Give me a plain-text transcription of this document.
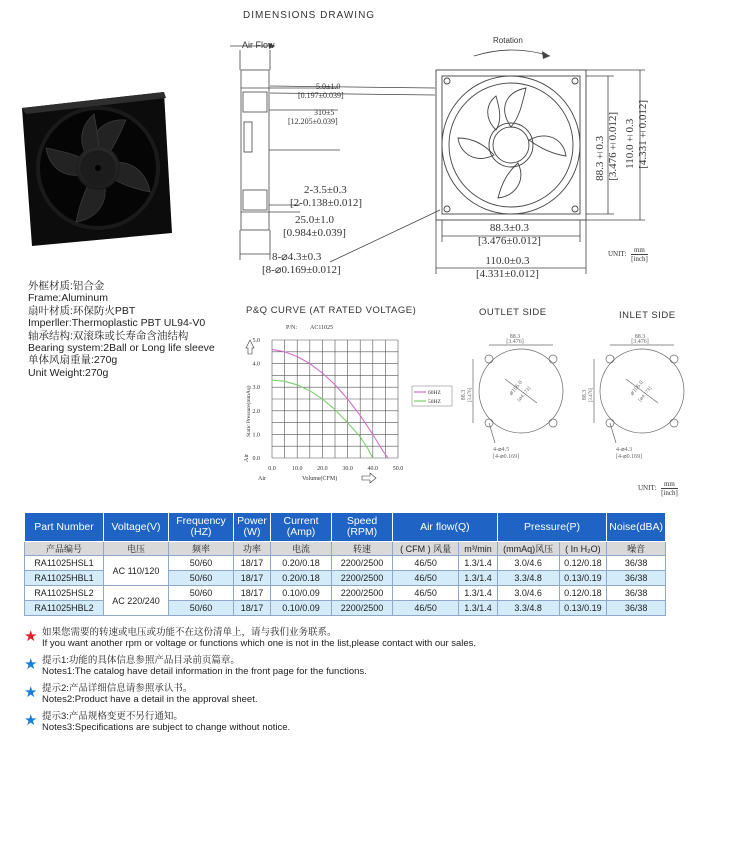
DIMENSIONS DRAWING
Air Flow	Rotation
5.0±1.0
[0.197±0.039]
310±5
[12.205±0.039]
2-3.5±0.3
[2-0.138±0.012]
25.0±1.0
[0.984±0.039]
8-⌀4.3±0.3
[8-⌀0.169±0.012]
88.3±0.3
[3.476±0.012]
110.0±0.3
[4.331±0.012]
88.3±0.3 [3.476±0.012] 110.0±0.3 [4.331±0.012]
UNIT:
mm
[inch]
外框材质:铝合金
Frame:Aluminum
扇叶材质:环保防火PBT
Imperller:Thermoplastic PBT UL94-V0
轴承结构:双滚珠或长寿命含油结构
Bearing system:2Ball or Long life sleeve
单体风扇重量:270g
Unit Weight:270g
P&Q CURVE (AT RATED VOLTAGE)
0.0
1.0
2.0
3.0
4.0
5.0
0.0	10.0 20.0 30.0 40.0 50.0
P/N: AC11025
Volume(CFM)
Air
Static Pressure(mmAq)
Air
60HZ
50HZ
OUTLET SIDE	INLET SIDE
88.3
[3.476]
88.3 [3.476]	⌀106.0
[⌀4.173]
4-⌀4.5
[4-⌀0.169]
88.3
[3.476]
88.3 [3.476]	⌀106.0
[⌀4.173]
4-⌀4.3
[4-⌀0.169]
UNIT:
mm
[inch]
Part Number	Voltage(V)	Frequency (HZ)	Power (W)	Current (Amp)	Speed (RPM)	Air flow(Q)		Pressure(P)		Noise(dBA)
产品编号	电压	频率	功率	电流	转速	( CFM ) 风量	m³/min	(mmAq)风压	( In H₂O)	噪音
RA11025HSL1	AC 110/120	50/60	18/17	0.20/0.18	2200/2500	46/50	1.3/1.4	3.0/4.6	0.12/0.18	36/38
RA11025HBL1		50/60	18/17	0.20/0.18	2200/2500	46/50	1.3/1.4	3.3/4.8	0.13/0.19	36/38
RA11025HSL2	AC 220/240	50/60	18/17	0.10/0.09	2200/2500	46/50	1.3/1.4	3.0/4.6	0.12/0.18	36/38
RA11025HBL2		50/60	18/17	0.10/0.09	2200/2500	46/50	1.3/1.4	3.3/4.8	0.13/0.19	36/38
★ 如果您需要的转速或电压或功能不在这份清单上，请与我们业务联系。
If you want another rpm or voltage or functions which one is not in the list,please contact with our sales.
★ 提示1:功能的具体信息参照产品目录前页篇章。
Notes1:The catalog have detail information in the front page for the functions.
★ 提示2:产品详细信息请参照承认书。
Notes2:Product have a detail in the approval sheet.
★ 提示3:产品规格变更不另行通知。
Notes3:Specifications are subject to change without notice.
